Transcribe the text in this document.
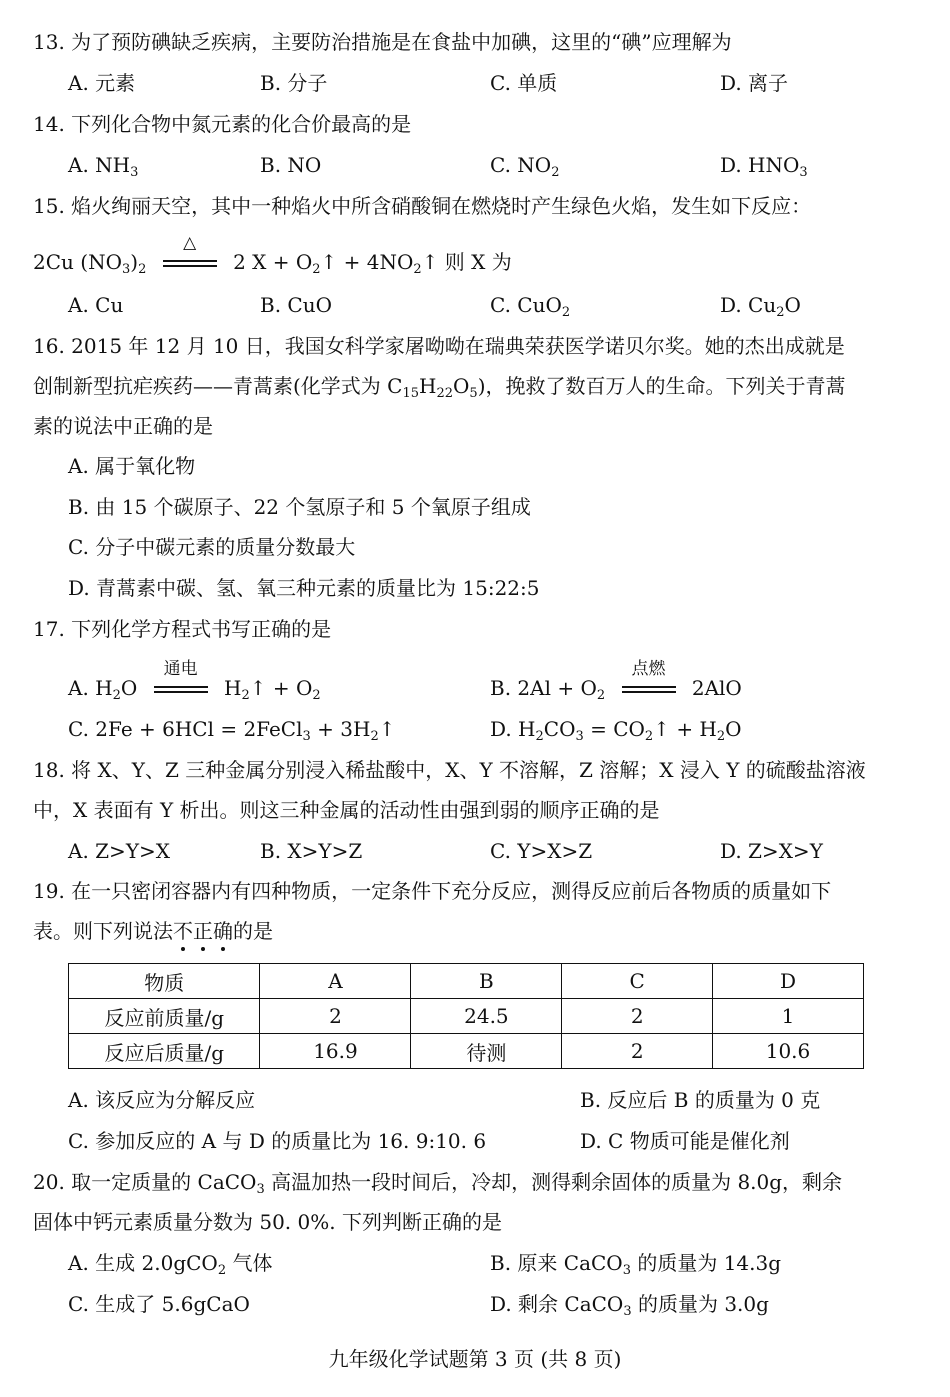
13. 为了预防碘缺乏疾病，主要防治措施是在食盐中加碘，这里的“碘”应理解为
A. 元素	B. 分子	C. 单质	D. 离子
14. 下列化合物中氮元素的化合价最高的是
A. $NH_3$	B. NO	C. $NO_2$	D. $HNO_3$
15. 焰火绚丽天空，其中一种焰火中所含硝酸铜在燃烧时产生绿色火焰，发生如下反应：
2Cu $(NO_3)_2$
△
2 $X + O_2↑$ + $4NO_2↑$ 则 X 为
A. Cu	B. CuO	C. CuO$_2$	D. $Cu_2O$
16. 2015 年 12 月 10 日，我国女科学家屠呦呦在瑞典荣获医学诺贝尔奖。她的杰出成就是
创制新型抗疟疾药——青蒿素(化学式为 $C_{15}H_{22}O_5$)，挽救了数百万人的生命。下列关于青蒿
素的说法中正确的是
A. 属于氧化物
B. 由 15 个碳原子、22 个氢原子和 5 个氧原子组成
C. 分子中碳元素的质量分数最大
D. 青蒿素中碳、氢、氧三种元素的质量比为 15:22:5
17. 下列化学方程式书写正确的是
A. $H_2O$
通电
$H_2↑ + O_2$	B. $2Al + O_2$
点燃
2AlO
C. 2Fe + 6HCl = 2FeCl$_3$ + $3H_2↑$	D. $H_2CO_3$ = $CO_2↑ + H_2O$
18. 将 X、Y、Z 三种金属分别浸入稀盐酸中，X、Y 不溶解，Z 溶解；X 浸入 Y 的硫酸盐溶液
中，X 表面有 Y 析出。则这三种金属的活动性由强到弱的顺序正确的是
A. Z>Y>X	B. X>Y>Z	C. Y>X>Z	D. Z>X>Y
19. 在一只密闭容器内有四种物质，一定条件下充分反应，测得反应前后各物质的质量如下
表。则下列说法不正确的是
物质	A	B	C	D
反应前质量/g	2	24.5	2	1
反应后质量/g	16.9	待测	2	10.6
A. 该反应为分解反应	B. 反应后 B 的质量为 0 克
C. 参加反应的 A 与 D 的质量比为 16. 9:10. 6	D. C 物质可能是催化剂
20. 取一定质量的 CaCO$_3$ 高温加热一段时间后，冷却，测得剩余固体的质量为 8.0g，剩余
固体中钙元素质量分数为 50. 0%. 下列判断正确的是
A. 生成 2.0gCO$_2$ 气体	B. 原来 CaCO$_3$ 的质量为 14.3g
C. 生成了 5.6gCaO	D. 剩余 CaCO$_3$ 的质量为 3.0g
九年级化学试题第 3 页 (共 8 页)
